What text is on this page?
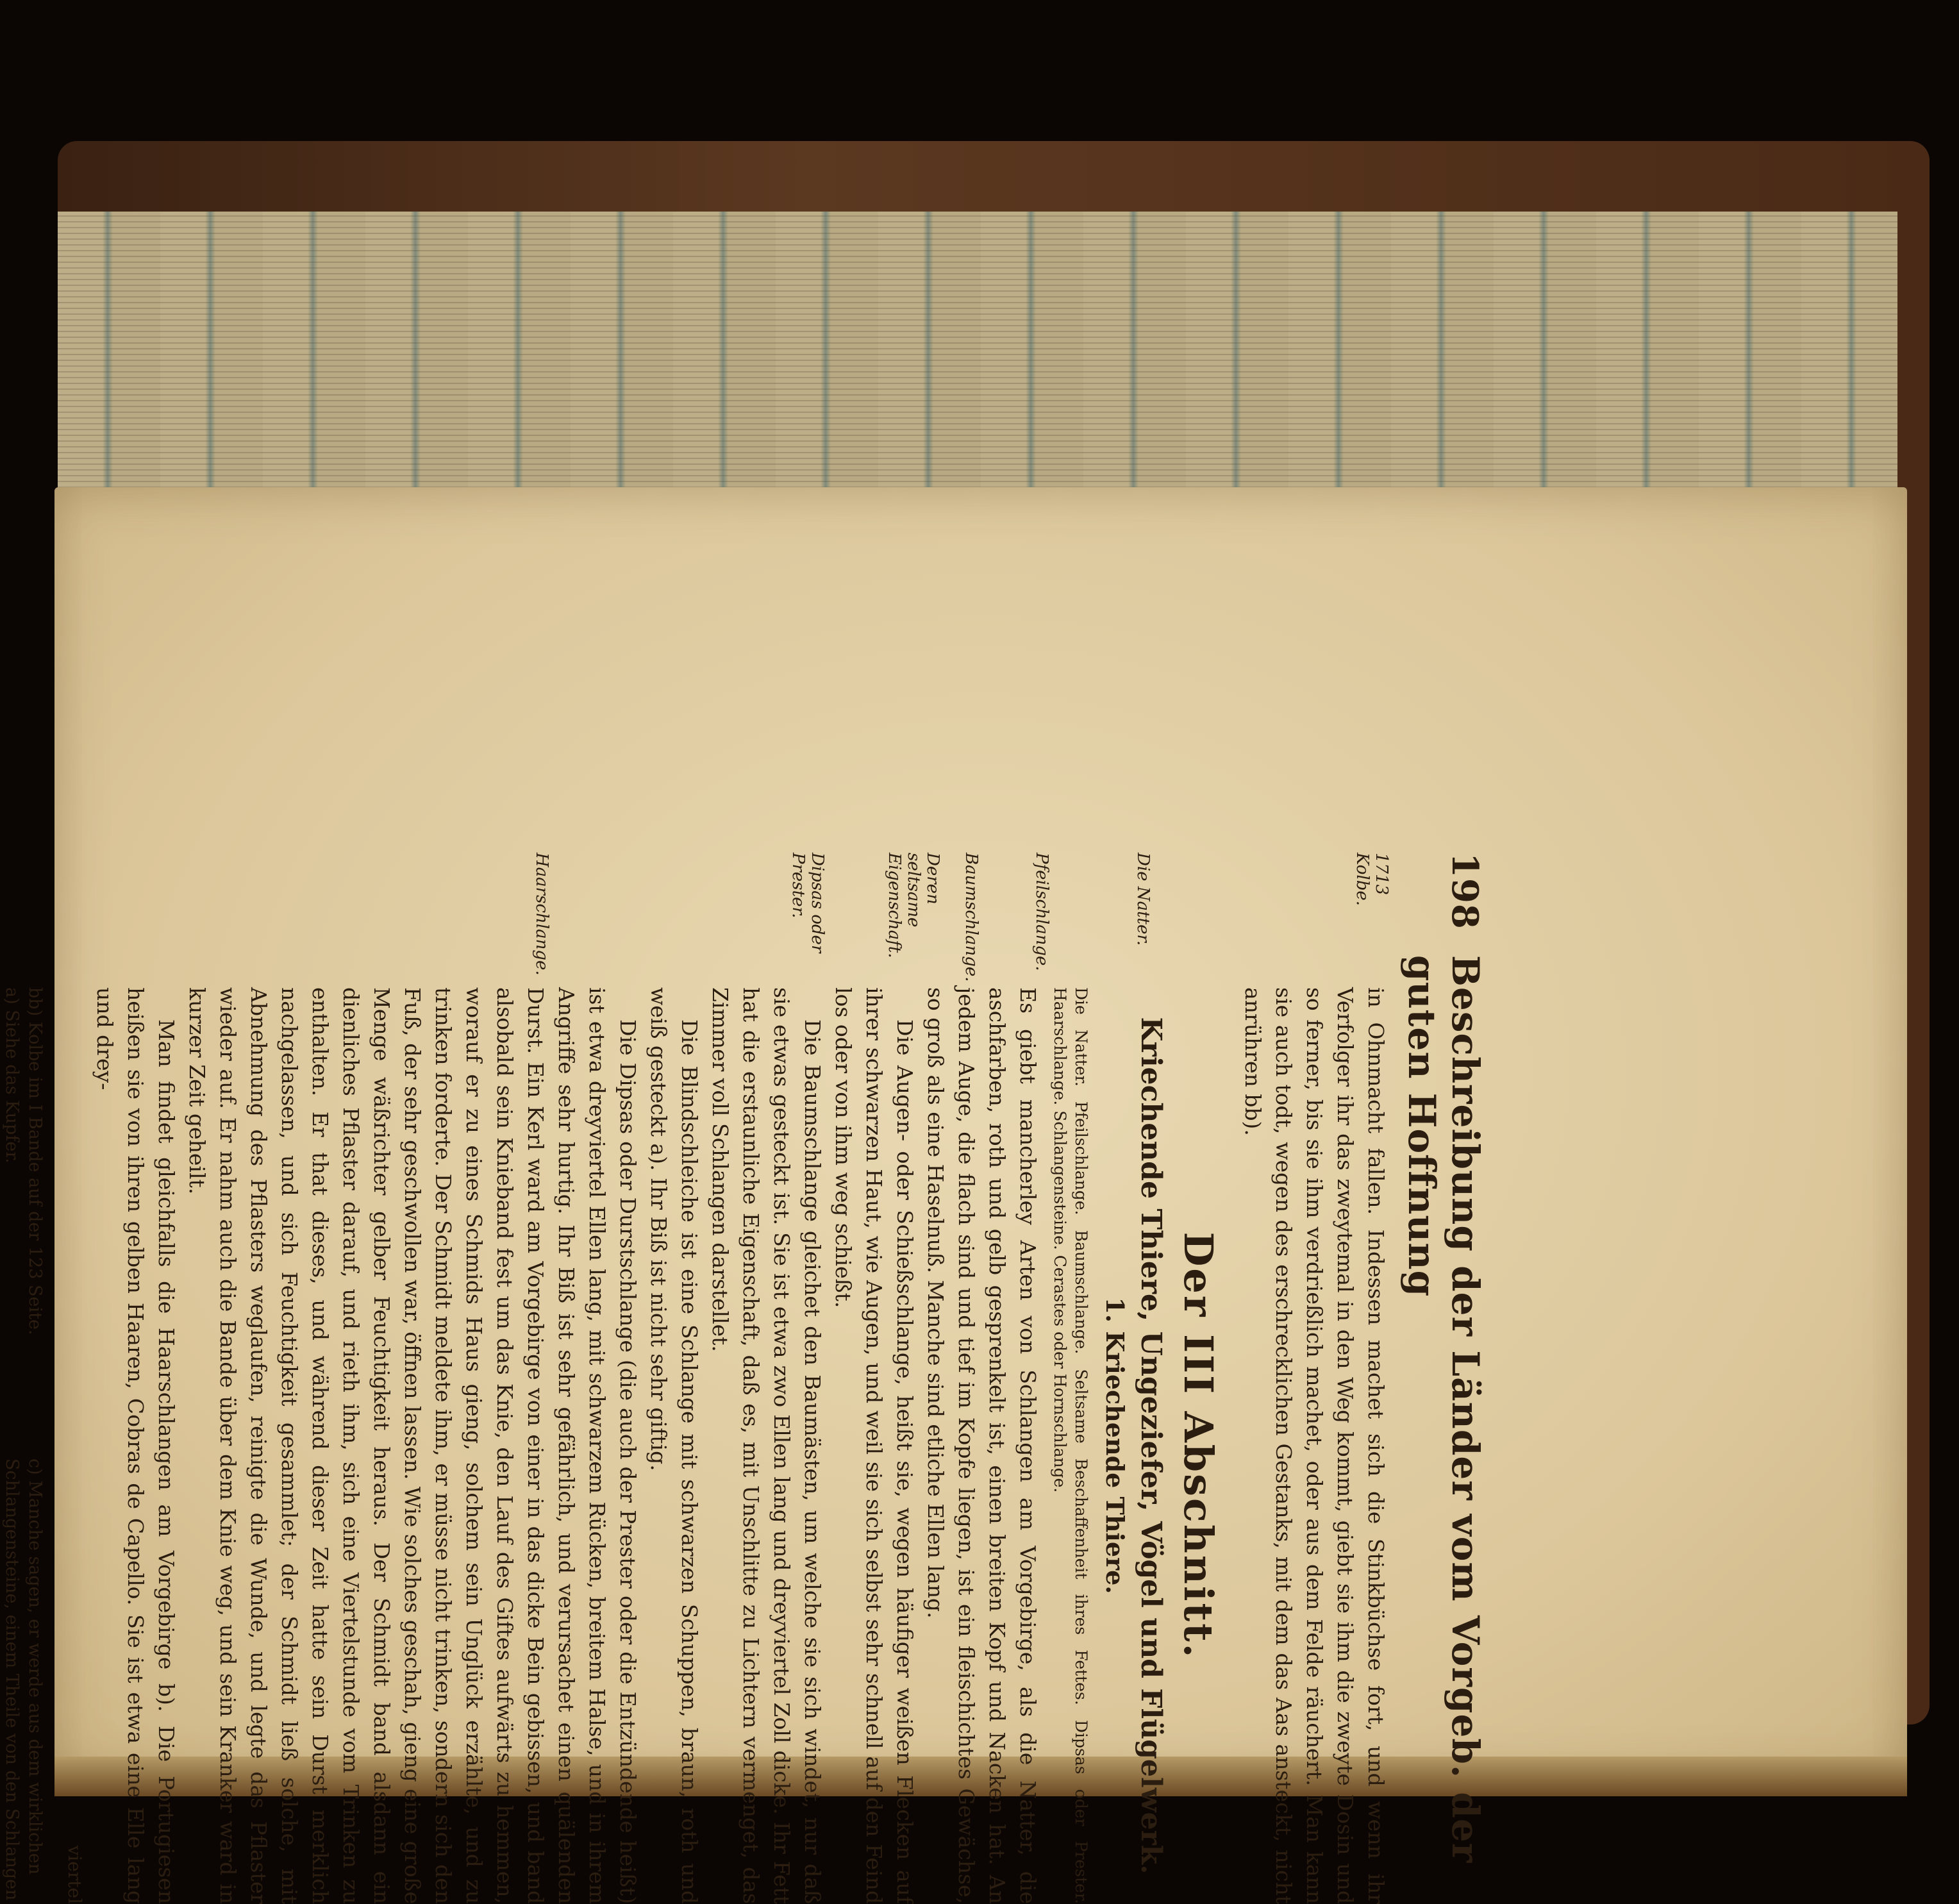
198
Beschreibung der Länder vom Vorgeb. der guten Hoffnung
1713
Kolbe.

in Ohnmacht fallen. Indessen machet sich die Stinkbüchse fort, und wenn ihr Verfolger ihr das zweytemal in den Weg kommt, giebt sie ihm die zweyte Dosin und so ferner, bis sie ihm verdrießlich machet, oder aus dem Felde räuchert. Man kann sie auch todt, wegen des erschrecklichen Gestanks, mit dem das Aas ansteckt, nicht anrühren bb).

Der III Abschnitt.
Kriechende Thiere, Ungeziefer, Vögel und Flügelwerk.
1. Kriechende Thiere.
Die Natter. Pfeilschlange. Baumschlange. Seltsame Beschaffenheit ihres Fettes. Dipsas oder Prester. Haarschlange. Schlangensteine. Cerastes oder Hornschlange.
Die Natter.

Es giebt mancherley Arten von Schlangen am Vorgebirge, als die Natter, die aschfarben, roth und gelb gesprenkelt ist, einen breiten Kopf und Nacken hat. An jedem Auge, die flach sind und tief im Kopfe liegen, ist ein fleischichtes Gewächse, so groß als eine Haselnuß. Manche sind etliche Ellen lang.

Pfeilschlange.

Die Augen- oder Schießschlange, heißt sie, wegen häufiger weißen Flecken auf ihrer schwarzen Haut, wie Augen, und weil sie sich selbst sehr schnell auf den Feind los oder von ihm weg schießt.

Baumschlange.
Deren seltsame Eigenschaft.

Die Baumschlange gleichet den Baumästen, um welche sie sich windet, nur daß sie etwas gesteckt ist. Sie ist etwa zwo Ellen lang und dreyviertel Zoll dicke. Ihr Fett hat die erstaunliche Eigenschaft, daß es, mit Unschlitte zu Lichtern vermenget, das Zimmer voll Schlangen darstellet.

Die Blindschleiche ist eine Schlange mit schwarzen Schuppen, braun, roth und weiß gesteckt a). Ihr Biß ist nicht sehr giftig.

Dipsas oder Prester.

Die Dipsas oder Durstschlange (die auch der Prester oder die Entzündende heißt) ist etwa dreyviertel Ellen lang, mit schwarzem Rücken, breitem Halse, und in ihrem Angriffe sehr hurtig. Ihr Biß ist sehr gefährlich, und verursachet einen quälenden Durst. Ein Kerl ward am Vorgebirge von einer in das dicke Bein gebissen, und band alsobald sein Knieband fest um das Knie, den Lauf des Giftes aufwärts zu hemmen, worauf er zu eines Schmids Haus gieng, solchem sein Unglück erzählte, und zu trinken forderte. Der Schmidt meldete ihm, er müsse nicht trinken, sondern sich den Fuß, der sehr geschwollen war, öffnen lassen. Wie solches geschah, gieng eine große Menge wäßrichter gelber Feuchtigkeit heraus. Der Schmidt band alsdann ein dienliches Pflaster darauf, und rieth ihm, sich eine Viertelstunde vom Trinken zu enthalten. Er that dieses, und während dieser Zeit hatte sein Durst merklich nachgelassen, und sich Feuchtigkeit gesammlet; der Schmidt ließ solche, mit Abnehmung des Pflasters weglaufen, reinigte die Wunde, und legte das Pflaster wieder auf. Er nahm auch die Bande über dem Knie weg, und sein Kranker ward in kurzer Zeit geheilt.

Haarschlange.

Man findet gleichfalls die Haarschlangen am Vorgebirge b). Die Portugiesen heißen sie von ihren gelben Haaren, Cobras de Capello. Sie ist etwa eine Elle lang und drey-

viertel
bb) Kolbe im I Bande auf der 123 Seite.
a) Siehe das Kupfer.
c) Manche sagen, er werde aus dem wirklichen Schlangensteine, einem Theile von den Schlangen
